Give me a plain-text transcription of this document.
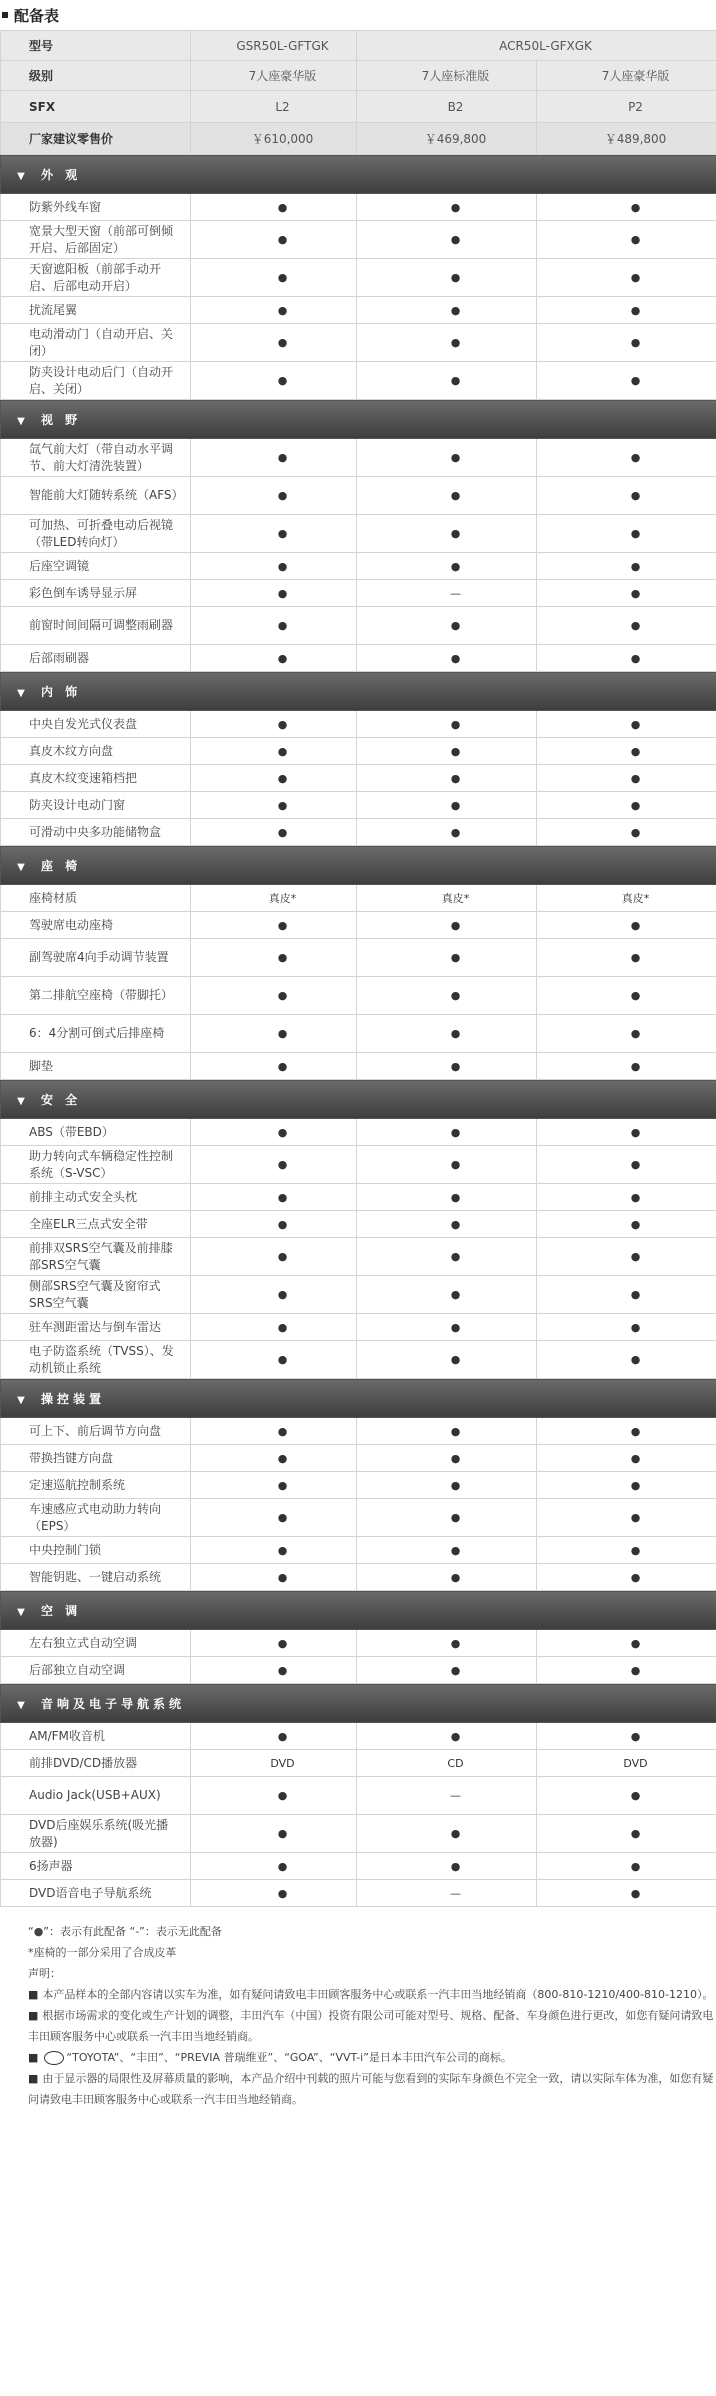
配备表
型号	GSR50L-GFTGK	ACR50L-GFXGK	
级别	7人座豪华版	7人座标准版	7人座豪华版
SFX	L2	B2	P2
厂家建议零售价	￥610,000	￥469,800	￥489,800
▼ 外 观			
防紫外线车窗	●	●	●
宽景大型天窗（前部可倒倾开启、后部固定）	●	●	●
天窗遮阳板（前部手动开启、后部电动开启）	●	●	●
扰流尾翼	●	●	●
电动滑动门（自动开启、关闭）	●	●	●
防夹设计电动后门（自动开启、关闭）	●	●	●
▼ 视 野			
氙气前大灯（带自动水平调节、前大灯清洗装置）	●	●	●
智能前大灯随转系统（AFS）	●	●	●
可加热、可折叠电动后视镜（带LED转向灯）	●	●	●
后座空调镜	●	●	●
彩色倒车诱导显示屏	●	—	●
前窗时间间隔可调整雨刷器	●	●	●
后部雨刷器	●	●	●
▼ 内 饰			
中央自发光式仪表盘	●	●	●
真皮木纹方向盘	●	●	●
真皮木纹变速箱档把	●	●	●
防夹设计电动门窗	●	●	●
可滑动中央多功能储物盒	●	●	●
▼ 座 椅			
座椅材质	真皮*	真皮*	真皮*
驾驶席电动座椅	●	●	●
副驾驶席4向手动调节装置	●	●	●
第二排航空座椅（带脚托）	●	●	●
6：4分割可倒式后排座椅	●	●	●
脚垫	●	●	●
▼ 安 全			
ABS（带EBD）	●	●	●
助力转向式车辆稳定性控制系统（S-VSC）	●	●	●
前排主动式安全头枕	●	●	●
全座ELR三点式安全带	●	●	●
前排双SRS空气囊及前排膝部SRS空气囊	●	●	●
侧部SRS空气囊及窗帘式SRS空气囊	●	●	●
驻车测距雷达与倒车雷达	●	●	●
电子防盗系统（TVSS）、发动机锁止系统	●	●	●
▼ 操控装置			
可上下、前后调节方向盘	●	●	●
带换挡键方向盘	●	●	●
定速巡航控制系统	●	●	●
车速感应式电动助力转向（EPS）	●	●	●
中央控制门锁	●	●	●
智能钥匙、一键启动系统	●	●	●
▼ 空 调			
左右独立式自动空调	●	●	●
后部独立自动空调	●	●	●
▼ 音响及电子导航系统			
AM/FM收音机	●	●	●
前排DVD/CD播放器	DVD	CD	DVD
Audio Jack(USB+AUX)	●	—	●
DVD后座娱乐系统(吸光播放器)	●	●	●
6扬声器	●	●	●
DVD语音电子导航系统	●	—	●

“●”：表示有此配备 “-”：表示无此配备

*座椅的一部分采用了合成皮革

声明：

■ 本产品样本的全部内容请以实车为准，如有疑问请致电丰田顾客服务中心或联系一汽丰田当地经销商（800-810-1210/400-810-1210）。

■ 根据市场需求的变化或生产计划的调整，丰田汽车（中国）投资有限公司可能对型号、规格、配备、车身颜色进行更改，如您有疑问请致电丰田顾客服务中心或联系一汽丰田当地经销商。

■	“TOYOTA”、“丰田”、“PREVIA 普瑞维亚”、“GOA”、“VVT-i”是日本丰田汽车公司的商标。

■ 由于显示器的局限性及屏幕质量的影响，本产品介绍中刊载的照片可能与您看到的实际车身颜色不完全一致，请以实际车体为准，如您有疑问请致电丰田顾客服务中心或联系一汽丰田当地经销商。
